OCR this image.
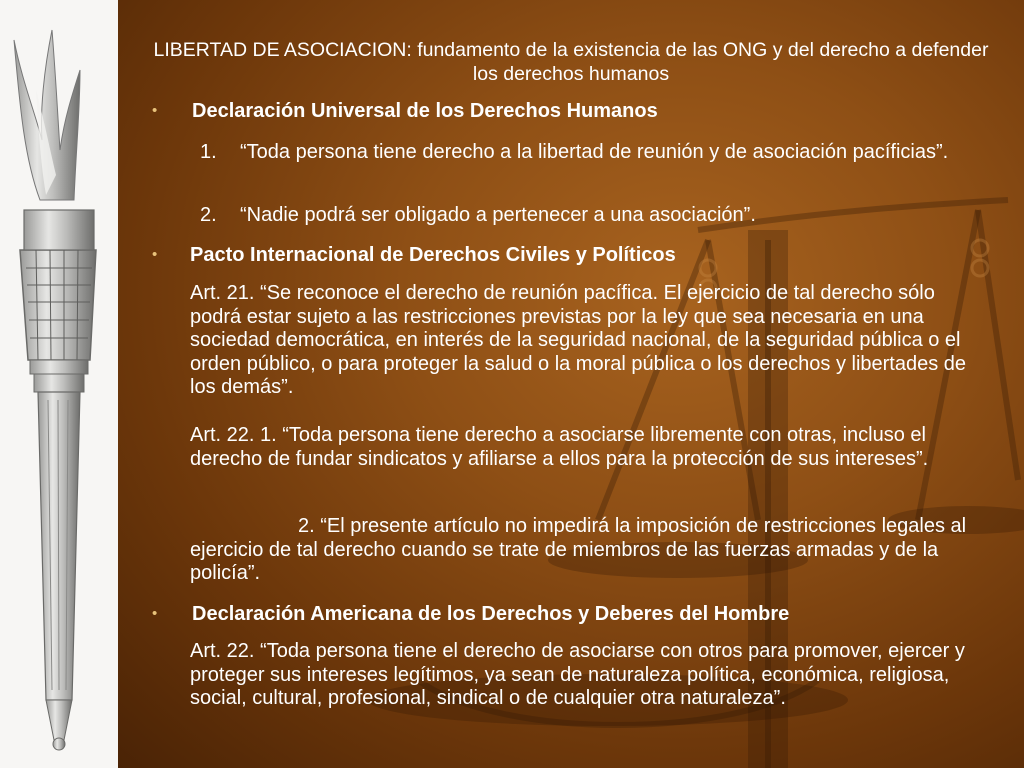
LIBERTAD DE ASOCIACION: fundamento de la existencia de las ONG y del derecho a defender los derechos humanos
• Declaración Universal de los Derechos Humanos
1. “Toda persona tiene derecho a la libertad de reunión y de asociación pacíficias”.
2. “Nadie podrá ser obligado a pertenecer a una asociación”.
• Pacto Internacional de Derechos Civiles y Políticos
Art. 21. “Se reconoce el derecho de reunión pacífica. El ejercicio de tal derecho sólo podrá estar sujeto a las restricciones previstas por la ley que sea necesaria en una sociedad democrática, en interés de la seguridad nacional, de la seguridad pública o el orden público, o para proteger la salud o la moral pública o los derechos y libertades de los demás”.
Art. 22. 1. “Toda persona tiene derecho a asociarse libremente con otras, incluso el derecho de fundar sindicatos y afiliarse a ellos para la protección de sus intereses”.
2. “El presente artículo no impedirá la imposición de restricciones legales al ejercicio de tal derecho cuando se trate de miembros de las fuerzas armadas y de la policía”.
• Declaración Americana de los Derechos y Deberes del Hombre
Art. 22. “Toda persona tiene el derecho de asociarse con otros para promover, ejercer y proteger sus intereses legítimos, ya sean de naturaleza política, económica, religiosa, social, cultural, profesional, sindical o de cualquier otra naturaleza”.
